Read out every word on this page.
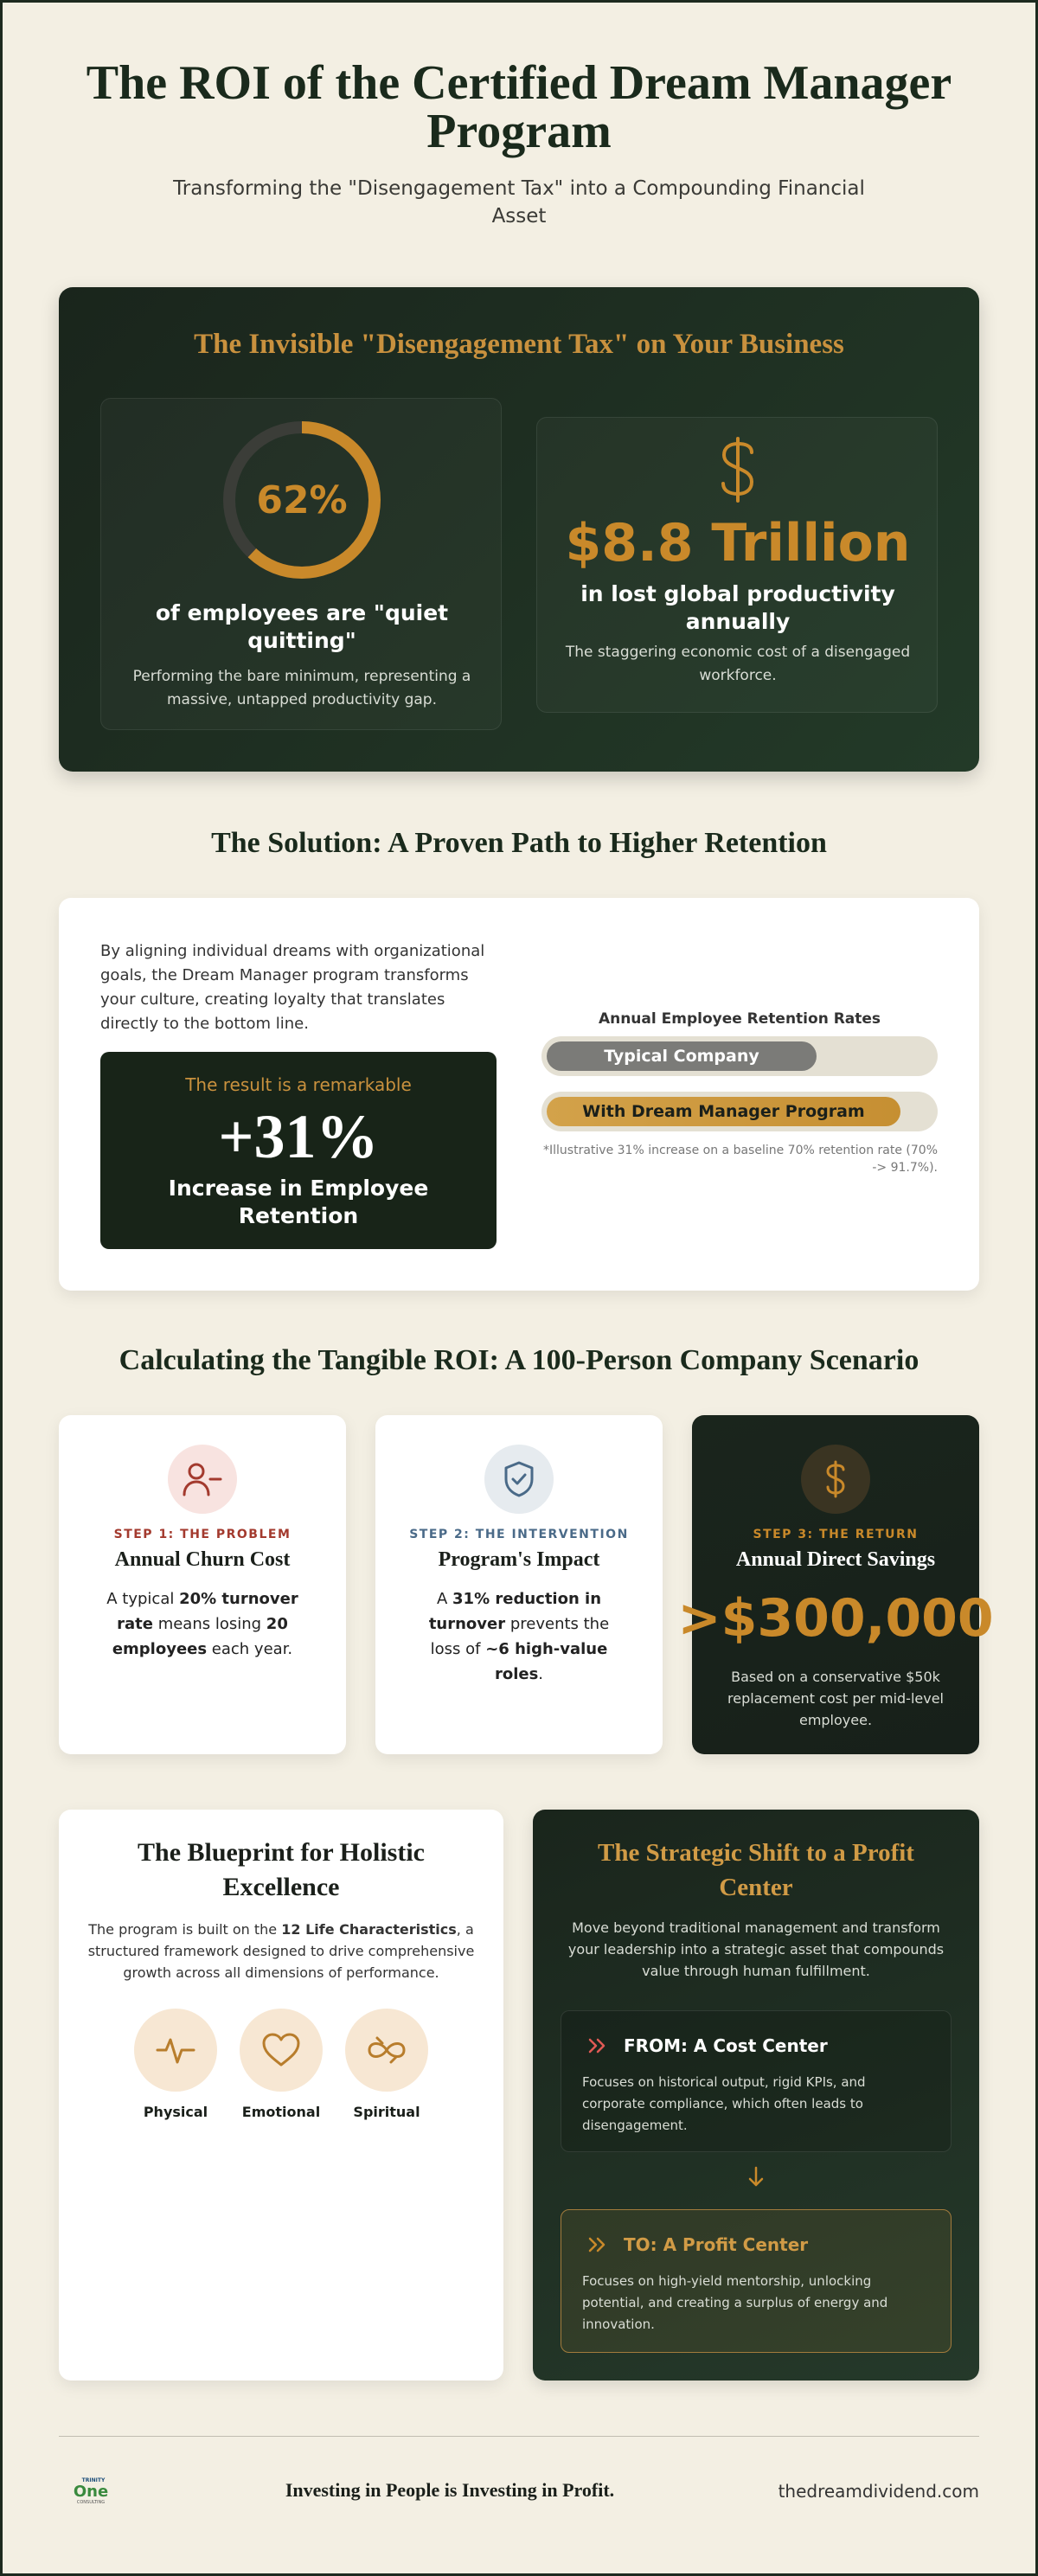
The ROI of the Certified Dream Manager Program
Transforming the "Disengagement Tax" into a Compounding Financial Asset
The Invisible "Disengagement Tax" on Your Business
62%
of employees are "quiet quitting"
Performing the bare minimum, representing a massive, untapped productivity gap.
$8.8 Trillion
in lost global productivity annually
The staggering economic cost of a disengaged workforce.
The Solution: A Proven Path to Higher Retention
By aligning individual dreams with organizational goals, the Dream Manager program transforms your culture, creating loyalty that translates directly to the bottom line.
The result is a remarkable
+31%
Increase in Employee Retention
Annual Employee Retention Rates
Typical Company
With Dream Manager Program
*Illustrative 31% increase on a baseline 70% retention rate (70% -> 91.7%).
Calculating the Tangible ROI: A 100-Person Company Scenario
STEP 1: THE PROBLEM
Annual Churn Cost
A typical 20% turnover rate means losing 20 employees each year.
STEP 2: THE INTERVENTION
Program's Impact
A 31% reduction in turnover prevents the loss of ~6 high-value roles.
STEP 3: THE RETURN
Annual Direct Savings
>$300,000
Based on a conservative $50k replacement cost per mid-level employee.
The Blueprint for Holistic Excellence
The program is built on the 12 Life Characteristics, a structured framework designed to drive comprehensive growth across all dimensions of performance.
Physical	Emotional	Spiritual
The Strategic Shift to a Profit Center
Move beyond traditional management and transform your leadership into a strategic asset that compounds value through human fulfillment.
FROM: A Cost Center
Focuses on historical output, rigid KPIs, and corporate compliance, which often leads to disengagement.
TO: A Profit Center
Focuses on high-yield mentorship, unlocking potential, and creating a surplus of energy and innovation.
TRINITY
One
CONSULTING
Investing in People is Investing in Profit.	thedreamdividend.com
